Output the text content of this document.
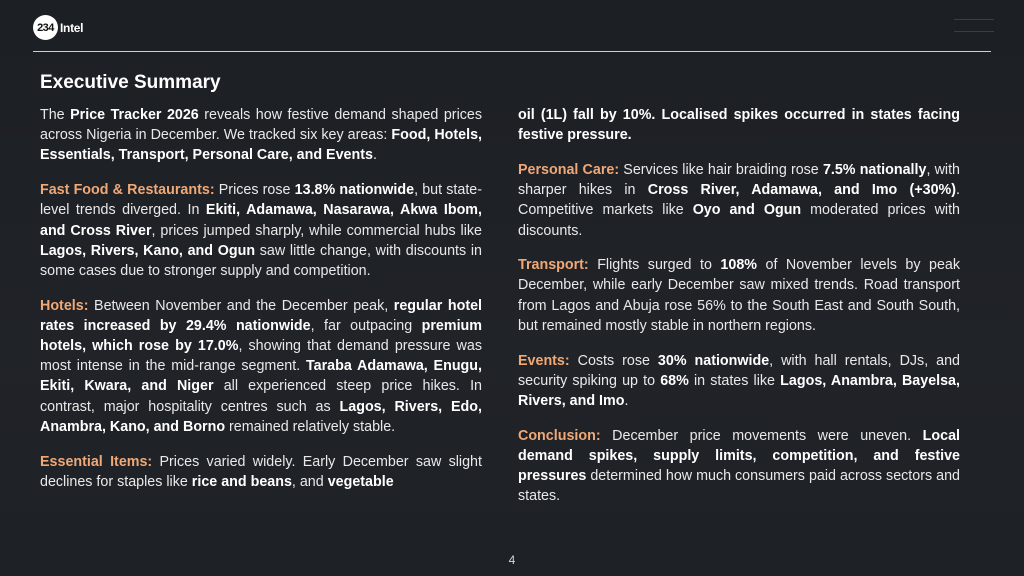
234 Intel
Executive Summary

The Price Tracker 2026 reveals how festive demand shaped prices across Nigeria in December. We tracked six key areas: Food, Hotels, Essentials, Transport, Personal Care, and Events.

Fast Food & Restaurants: Prices rose 13.8% nationwide, but state-level trends diverged. In Ekiti, Adamawa, Nasarawa, Akwa Ibom, and Cross River, prices jumped sharply, while commercial hubs like Lagos, Rivers, Kano, and Ogun saw little change, with discounts in some cases due to stronger supply and competition.

Hotels: Between November and the December peak, regular hotel rates increased by 29.4% nationwide, far outpacing premium hotels, which rose by 17.0%, showing that demand pressure was most intense in the mid-range segment. Taraba Adamawa, Enugu, Ekiti, Kwara, and Niger all experienced steep price hikes. In contrast, major hospitality centres such as Lagos, Rivers, Edo, Anambra, Kano, and Borno remained relatively stable.

Essential Items: Prices varied widely. Early December saw slight declines for staples like rice and beans, and vegetable

oil (1L) fall by 10%. Localised spikes occurred in states facing festive pressure.

Personal Care: Services like hair braiding rose 7.5% nationally, with sharper hikes in Cross River, Adamawa, and Imo (+30%). Competitive markets like Oyo and Ogun moderated prices with discounts.

Transport: Flights surged to 108% of November levels by peak December, while early December saw mixed trends. Road transport from Lagos and Abuja rose 56% to the South East and South South, but remained mostly stable in northern regions.

Events: Costs rose 30% nationwide, with hall rentals, DJs, and security spiking up to 68% in states like Lagos, Anambra, Bayelsa, Rivers, and Imo.

Conclusion: December price movements were uneven. Local demand spikes, supply limits, competition, and festive pressures determined how much consumers paid across sectors and states.

4
